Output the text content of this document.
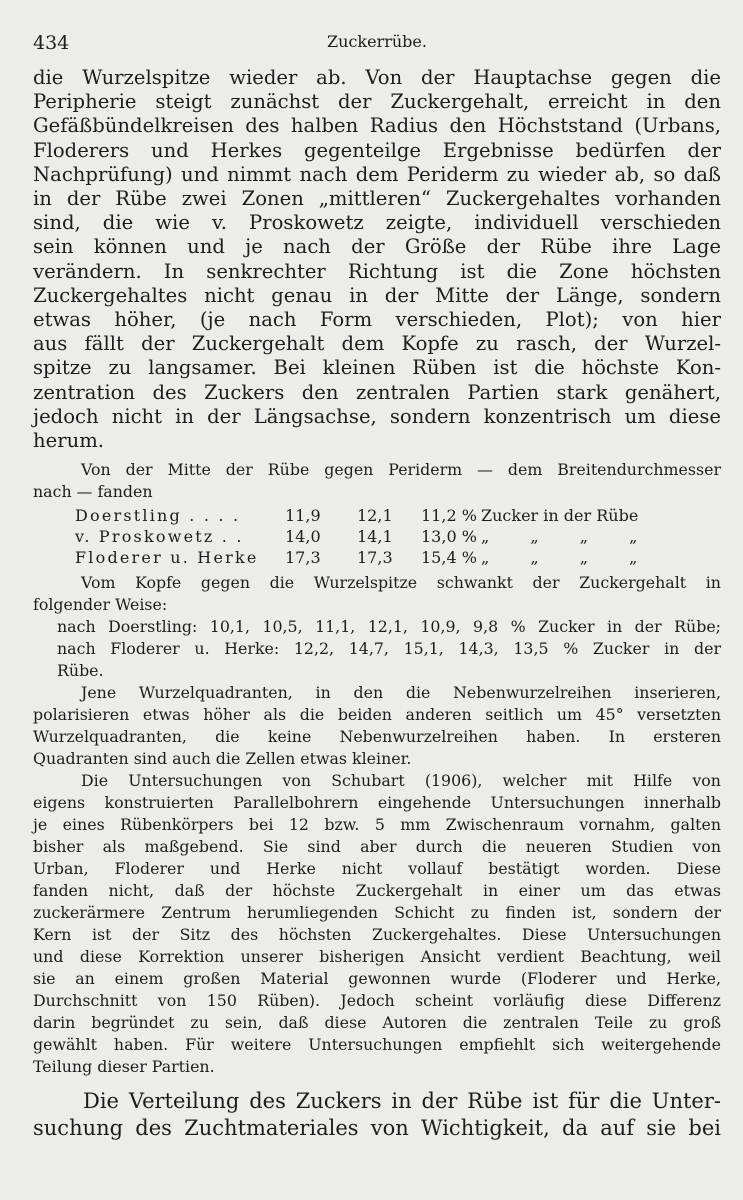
434	Zuckerrübe.
die Wurzelspitze wieder ab. Von der Hauptachse gegen die
Peripherie steigt zunächst der Zuckergehalt, erreicht in den
Gefäßbündelkreisen des halben Radius den Höchststand (Urbans,
Floderers und Herkes gegenteilge Ergebnisse bedürfen der
Nachprüfung) und nimmt nach dem Periderm zu wieder ab, so daß
in der Rübe zwei Zonen „mittleren“ Zuckergehaltes vorhanden
sind, die wie v. Proskowetz zeigte, individuell verschieden
sein können und je nach der Größe der Rübe ihre Lage
verändern. In senkrechter Richtung ist die Zone höchsten
Zuckergehaltes nicht genau in der Mitte der Länge, sondern
etwas höher, (je nach Form verschieden, Plot); von hier
aus fällt der Zuckergehalt dem Kopfe zu rasch, der Wurzel-
spitze zu langsamer. Bei kleinen Rüben ist die höchste Kon-
zentration des Zuckers den zentralen Partien stark genähert,
jedoch nicht in der Längsachse, sondern konzentrisch um diese
herum.
Von der Mitte der Rübe gegen Periderm — dem Breitendurchmesser
nach — fanden
Doerstling . . . .	11,9	12,1	11,2 %	Zucker in der Rübe
v. Proskowetz . .	14,0	14,1	13,0 %	„ „ „ „
Floderer u. Herke	17,3	17,3	15,4 %	„ „ „ „
Vom Kopfe gegen die Wurzelspitze schwankt der Zuckergehalt in
folgender Weise:
nach Doerstling: 10,1, 10,5, 11,1, 12,1, 10,9, 9,8 % Zucker in der Rübe;
nach Floderer u. Herke: 12,2, 14,7, 15,1, 14,3, 13,5 % Zucker in der
Rübe.
Jene Wurzelquadranten, in den die Nebenwurzelreihen inserieren,
polarisieren etwas höher als die beiden anderen seitlich um 45° versetzten
Wurzelquadranten, die keine Nebenwurzelreihen haben. In ersteren
Quadranten sind auch die Zellen etwas kleiner.
Die Untersuchungen von Schubart (1906), welcher mit Hilfe von
eigens konstruierten Parallelbohrern eingehende Untersuchungen innerhalb
je eines Rübenkörpers bei 12 bzw. 5 mm Zwischenraum vornahm, galten
bisher als maßgebend. Sie sind aber durch die neueren Studien von
Urban, Floderer und Herke nicht vollauf bestätigt worden. Diese
fanden nicht, daß der höchste Zuckergehalt in einer um das etwas
zuckerärmere Zentrum herumliegenden Schicht zu finden ist, sondern der
Kern ist der Sitz des höchsten Zuckergehaltes. Diese Untersuchungen
und diese Korrektion unserer bisherigen Ansicht verdient Beachtung, weil
sie an einem großen Material gewonnen wurde (Floderer und Herke,
Durchschnitt von 150 Rüben). Jedoch scheint vorläufig diese Differenz
darin begründet zu sein, daß diese Autoren die zentralen Teile zu groß
gewählt haben. Für weitere Untersuchungen empfiehlt sich weitergehende
Teilung dieser Partien.
Die Verteilung des Zuckers in der Rübe ist für die Unter-
suchung des Zuchtmateriales von Wichtigkeit, da auf sie bei
